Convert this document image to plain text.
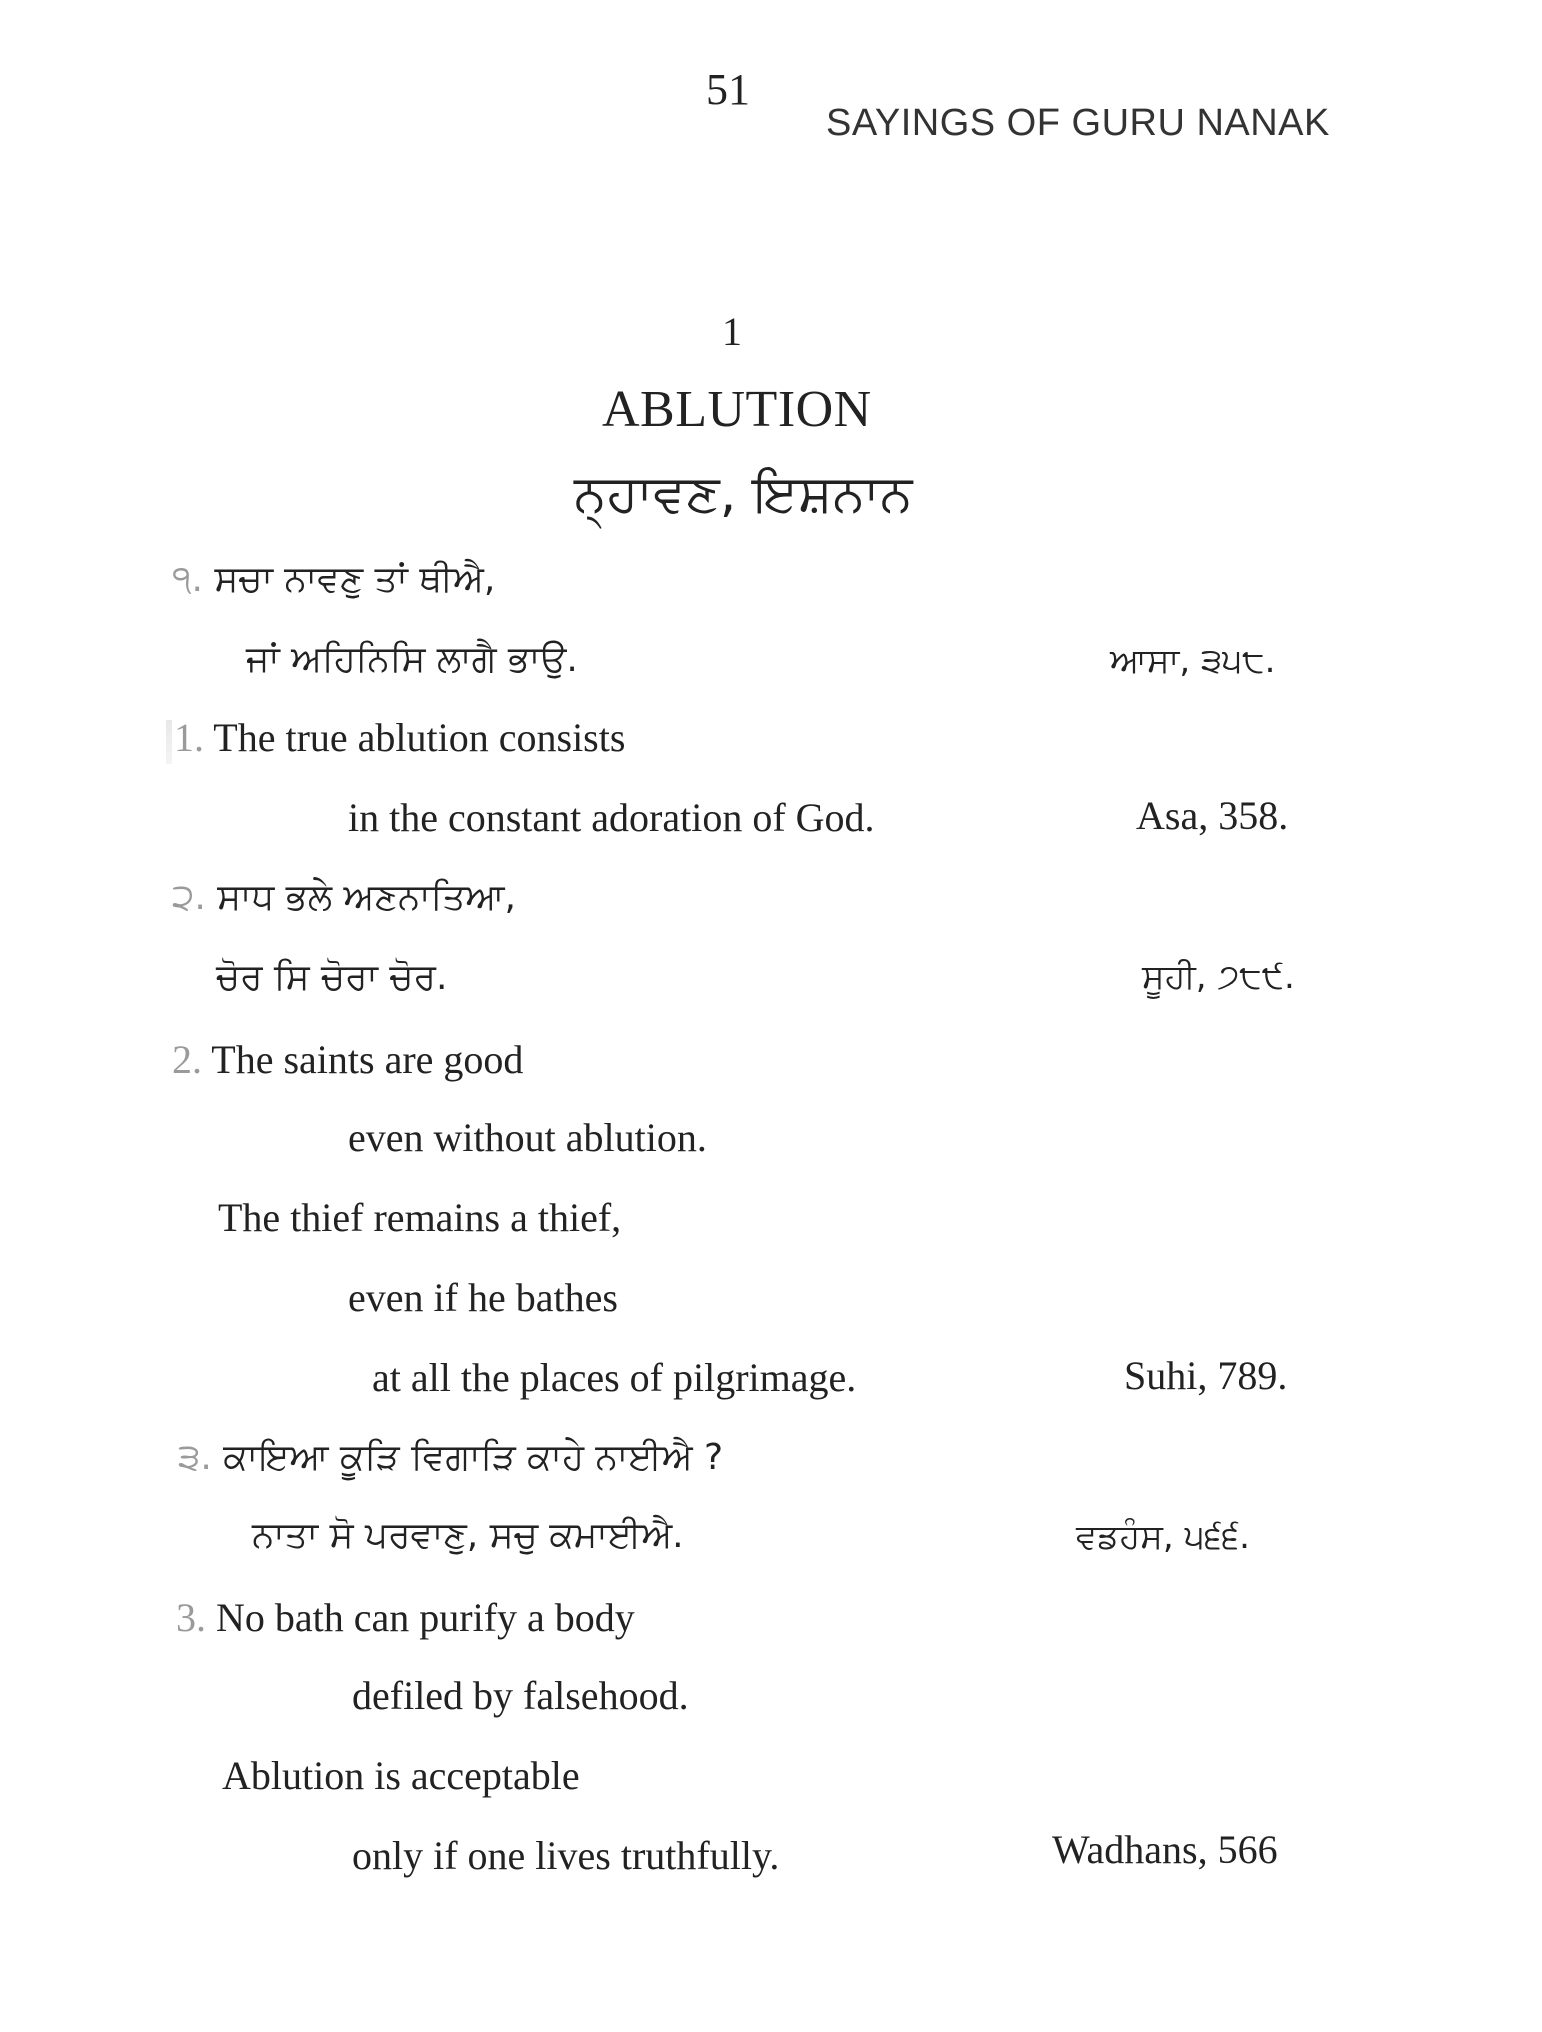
51
SAYINGS OF GURU NANAK
1
ABLUTION
ਨ੍ਹਾਵਣ, ਇਸ਼ਨਾਨ
੧. ਸਚਾ ਨਾਵਣੁ ਤਾਂ ਥੀਐ,
ਜਾਂ ਅਹਿਨਿਸਿ ਲਾਗੈ ਭਾਉ.	ਆਸਾ, ੩੫੮.
1. The true ablution consists
in the constant adoration of God.	Asa, 358.
੨. ਸਾਧ ਭਲੇ ਅਣਨਾਤਿਆ,
ਚੋਰ ਸਿ ਚੋਰਾ ਚੋਰ.	ਸੂਹੀ, ੭੮੯.
2. The saints are good
even without ablution.
The thief remains a thief,
even if he bathes
at all the places of pilgrimage.	Suhi, 789.
੩. ਕਾਇਆ ਕੂੜਿ ਵਿਗਾੜਿ ਕਾਹੇ ਨਾਈਐ ?
ਨਾਤਾ ਸੋ ਪਰਵਾਣੁ, ਸਚੁ ਕਮਾਈਐ.	ਵਡਹੰਸ, ੫੬੬.
3. No bath can purify a body
defiled by falsehood.
Ablution is acceptable
only if one lives truthfully.	Wadhans, 566
